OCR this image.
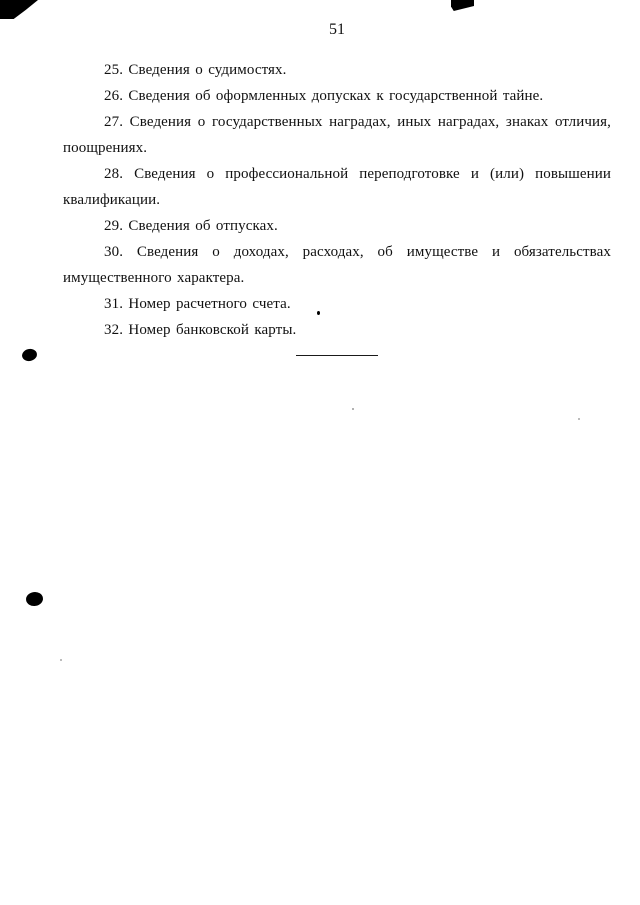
51

25. Сведения о судимостях.

26. Сведения об оформленных допусках к государственной тайне.

27. Сведения о государственных наградах, иных наградах, знаках отличия, поощрениях.

28. Сведения о профессиональной переподготовке и (или) повышении квалификации.

29. Сведения об отпусках.

30. Сведения о доходах, расходах, об имуществе и обязательствах имущественного характера.

31. Номер расчетного счета.

32. Номер банковской карты.
